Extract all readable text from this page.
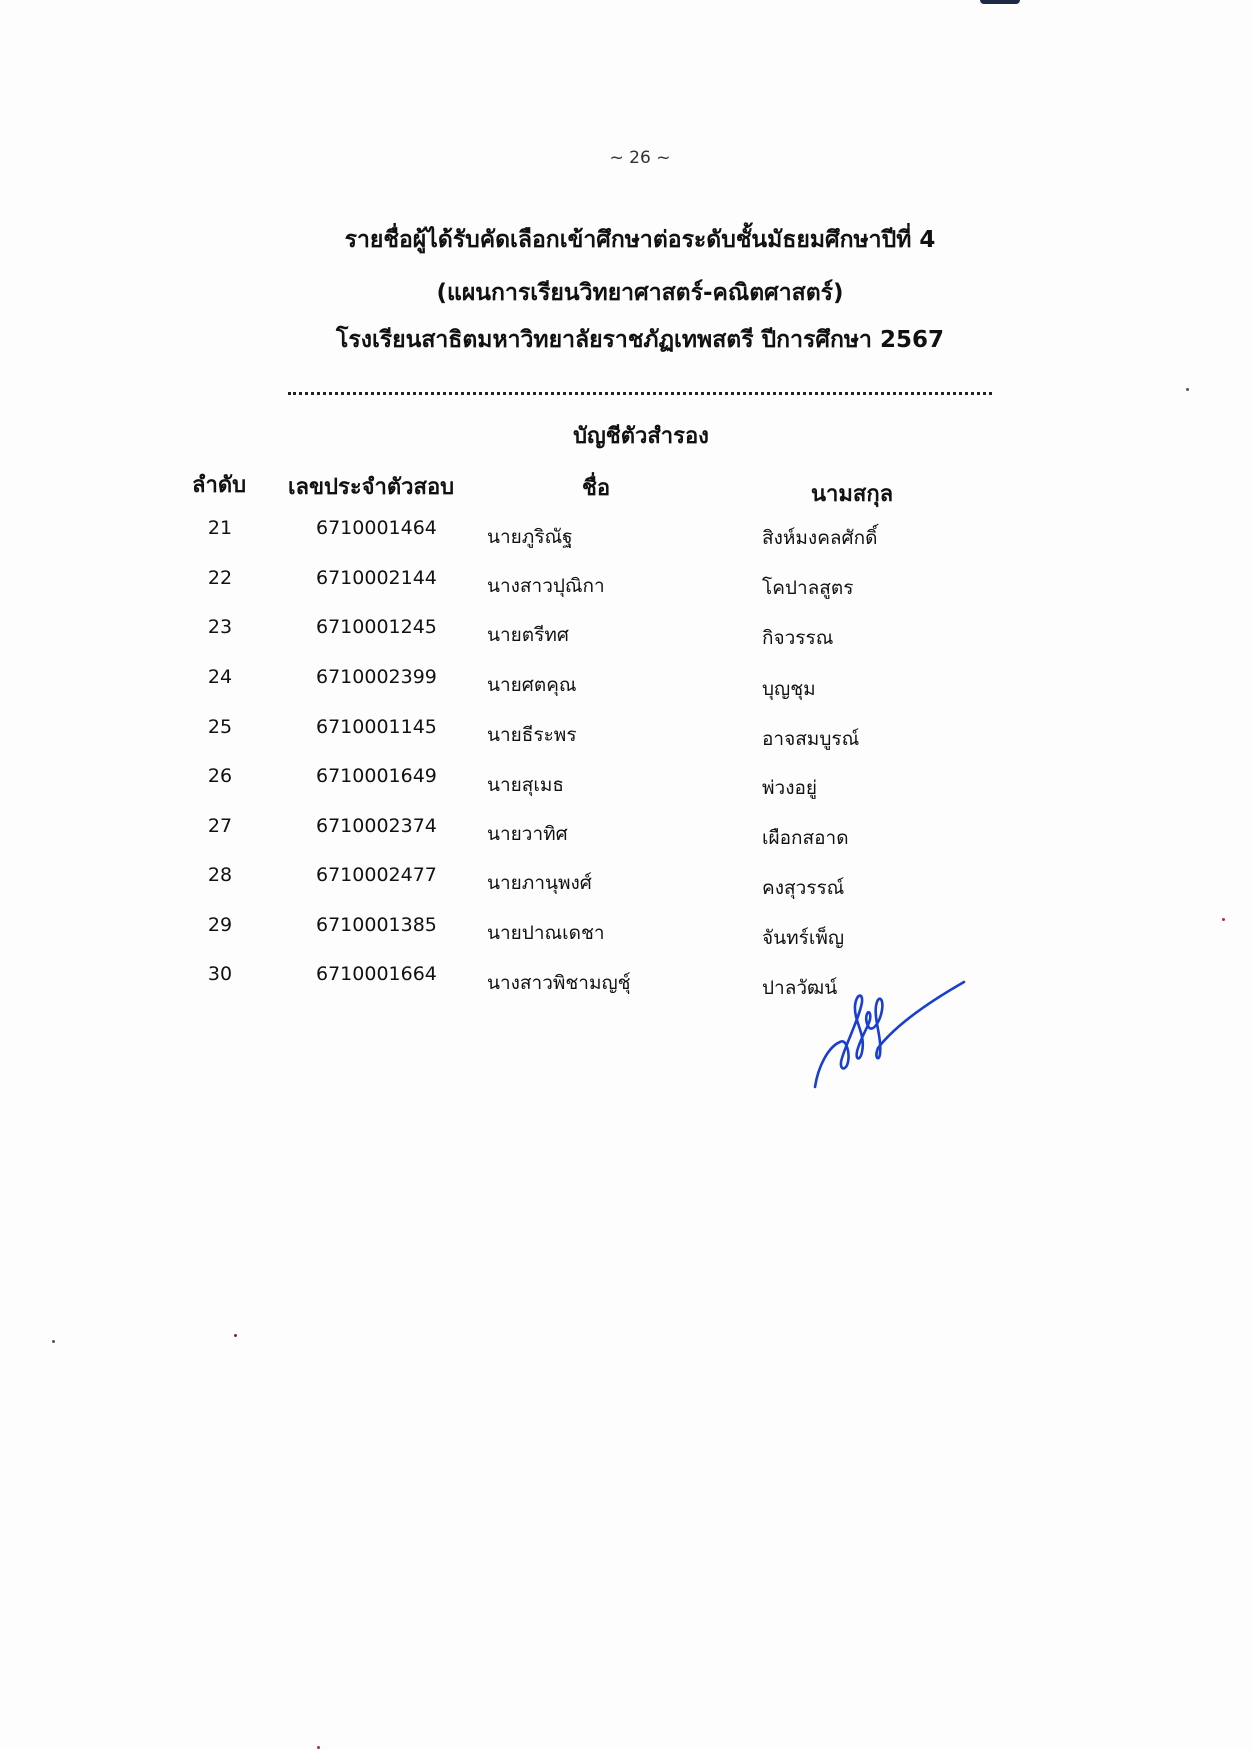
~ 26 ~
รายชื่อผู้ได้รับคัดเลือกเข้าศึกษาต่อระดับชั้นมัธยมศึกษาปีที่ 4
(แผนการเรียนวิทยาศาสตร์-คณิตศาสตร์)
โรงเรียนสาธิตมหาวิทยาลัยราชภัฏเทพสตรี ปีการศึกษา 2567
บัญชีตัวสำรอง
ลำดับ เลขประจำตัวสอบ	ชื่อ	นามสกุล
21	6710001464	นายภูริณัฐ	สิงห์มงคลศักดิ์
22	6710002144	นางสาวปุณิกา	โคปาลสูตร
23	6710001245	นายตรีทศ	กิจวรรณ
24	6710002399	นายศตคุณ	บุญชุม
25	6710001145	นายธีระพร	อาจสมบูรณ์
26	6710001649	นายสุเมธ	พ่วงอยู่
27	6710002374	นายวาทิศ	เผือกสอาด
28	6710002477	นายภานุพงศ์	คงสุวรรณ์
29	6710001385	นายปาณเดชา	จันทร์เพ็ญ
30	6710001664	นางสาวพิชามญชุ์	ปาลวัฒน์
